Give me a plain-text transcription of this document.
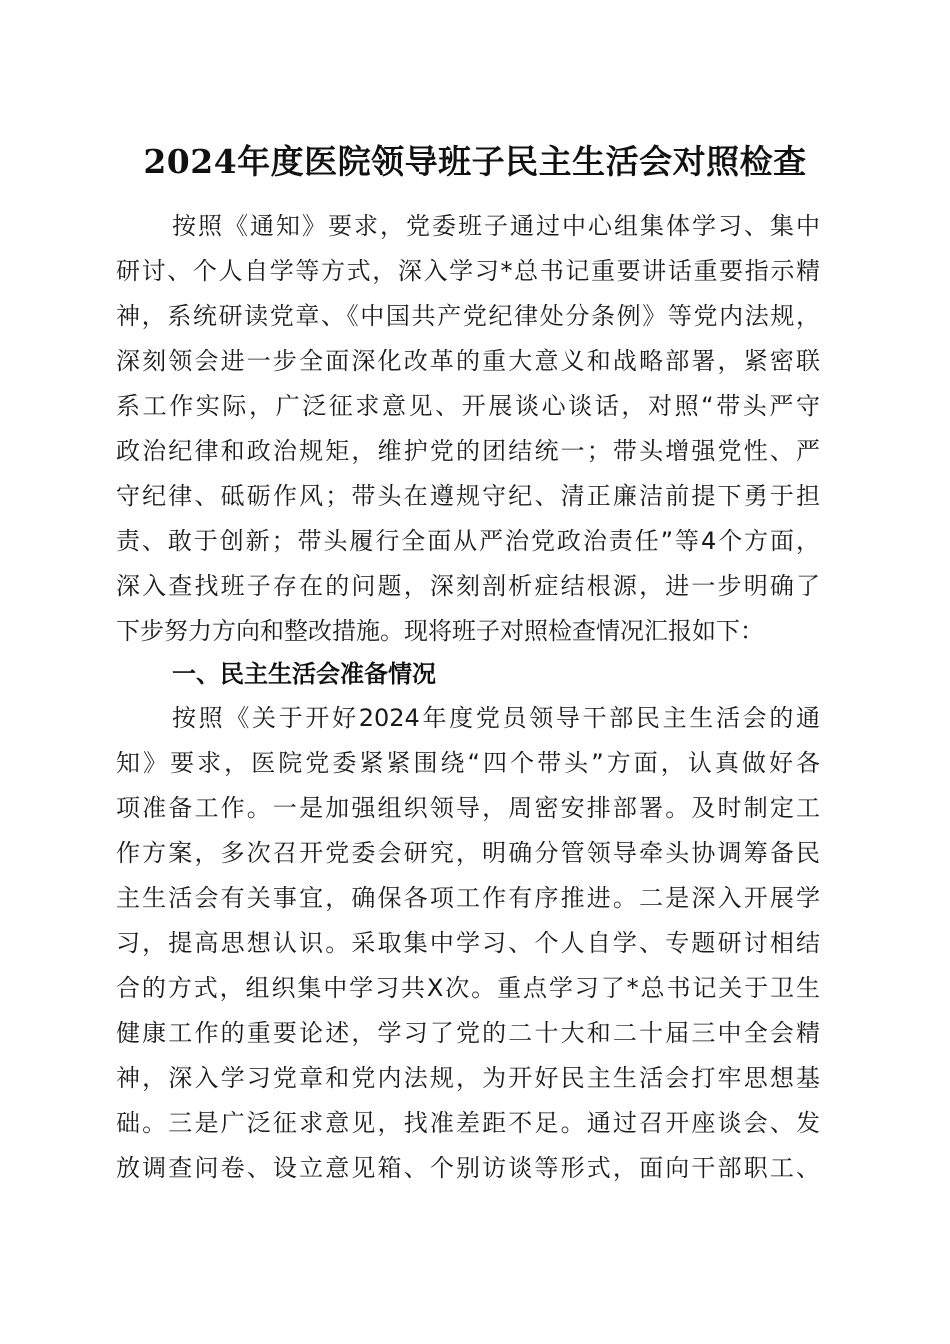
2024年度医院领导班子民主生活会对照检查
按照《通知》要求，党委班子通过中心组集体学习、集中
研讨、个人自学等方式，深入学习*总书记重要讲话重要指示精
神，系统研读党章、《中国共产党纪律处分条例》等党内法规，
深刻领会进一步全面深化改革的重大意义和战略部署，紧密联
系工作实际，广泛征求意见、开展谈心谈话，对照“带头严守
政治纪律和政治规矩，维护党的团结统一；带头增强党性、严
守纪律、砥砺作风；带头在遵规守纪、清正廉洁前提下勇于担
责、敢于创新；带头履行全面从严治党政治责任”等4个方面，
深入查找班子存在的问题，深刻剖析症结根源，进一步明确了
下步努力方向和整改措施。现将班子对照检查情况汇报如下：
一、民主生活会准备情况
按照《关于开好2024年度党员领导干部民主生活会的通
知》要求，医院党委紧紧围绕“四个带头”方面，认真做好各
项准备工作。一是加强组织领导，周密安排部署。及时制定工
作方案，多次召开党委会研究，明确分管领导牵头协调筹备民
主生活会有关事宜，确保各项工作有序推进。二是深入开展学
习，提高思想认识。采取集中学习、个人自学、专题研讨相结
合的方式，组织集中学习共X次。重点学习了*总书记关于卫生
健康工作的重要论述，学习了党的二十大和二十届三中全会精
神，深入学习党章和党内法规，为开好民主生活会打牢思想基
础。三是广泛征求意见，找准差距不足。通过召开座谈会、发
放调查问卷、设立意见箱、个别访谈等形式，面向干部职工、
